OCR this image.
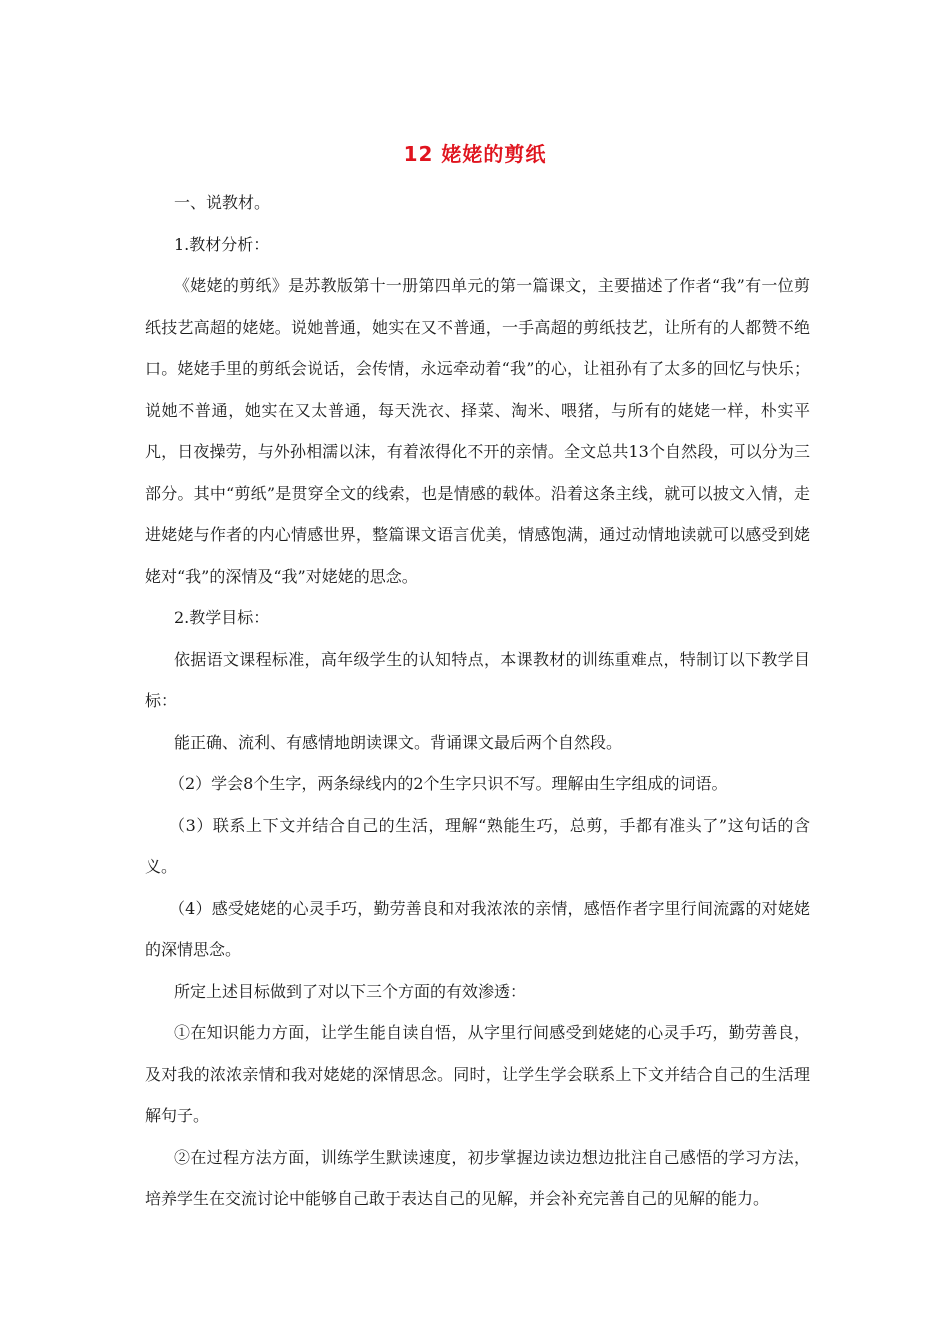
12 姥姥的剪纸

一、说教材。

1.教材分析：

《姥姥的剪纸》是苏教版第十一册第四单元的第一篇课文，主要描述了作者“我”有一位剪纸技艺高超的姥姥。说她普通，她实在又不普通，一手高超的剪纸技艺，让所有的人都赞不绝口。姥姥手里的剪纸会说话，会传情，永远牵动着“我”的心，让祖孙有了太多的回忆与快乐；说她不普通，她实在又太普通，每天洗衣、择菜、淘米、喂猪，与所有的姥姥一样，朴实平凡，日夜操劳，与外孙相濡以沫，有着浓得化不开的亲情。全文总共13个自然段，可以分为三部分。其中“剪纸”是贯穿全文的线索，也是情感的载体。沿着这条主线，就可以披文入情，走进姥姥与作者的内心情感世界，整篇课文语言优美，情感饱满，通过动情地读就可以感受到姥姥对“我”的深情及“我”对姥姥的思念。

2.教学目标：

依据语文课程标准，高年级学生的认知特点，本课教材的训练重难点，特制订以下教学目标：

能正确、流利、有感情地朗读课文。背诵课文最后两个自然段。

（2）学会8个生字，两条绿线内的2个生字只识不写。理解由生字组成的词语。

（3）联系上下文并结合自己的生活，理解“熟能生巧，总剪，手都有准头了”这句话的含义。

（4）感受姥姥的心灵手巧，勤劳善良和对我浓浓的亲情，感悟作者字里行间流露的对姥姥的深情思念。

所定上述目标做到了对以下三个方面的有效渗透：

①在知识能力方面，让学生能自读自悟，从字里行间感受到姥姥的心灵手巧，勤劳善良，及对我的浓浓亲情和我对姥姥的深情思念。同时，让学生学会联系上下文并结合自己的生活理解句子。

②在过程方法方面，训练学生默读速度，初步掌握边读边想边批注自己感悟的学习方法，培养学生在交流讨论中能够自己敢于表达自己的见解，并会补充完善自己的见解的能力。
